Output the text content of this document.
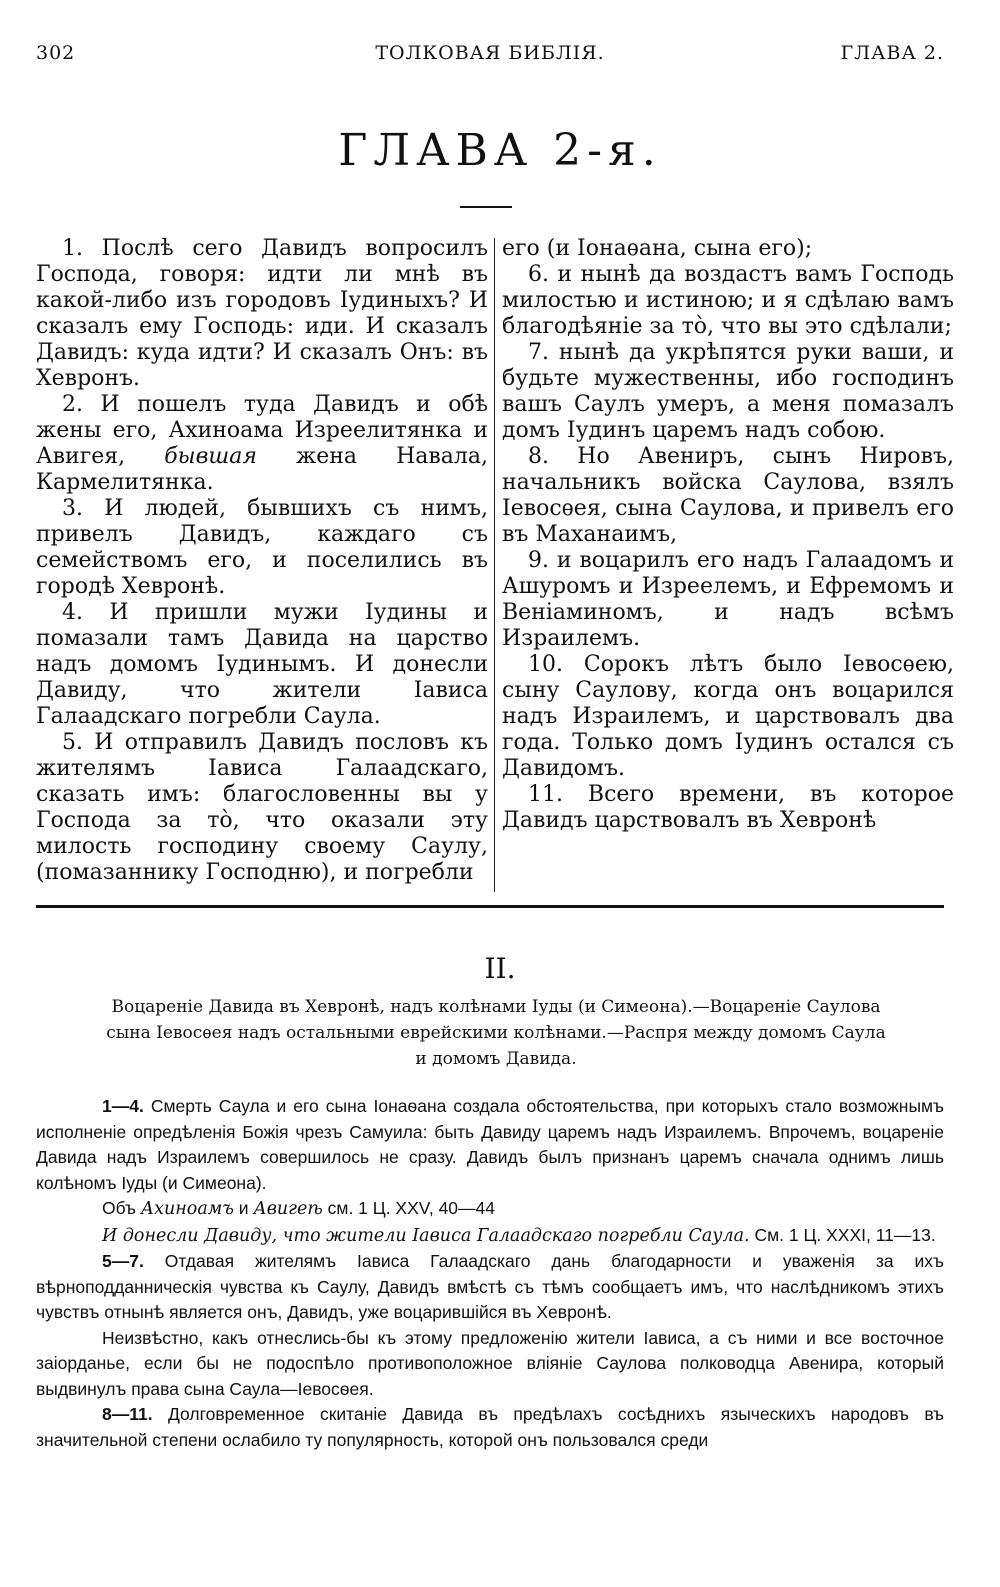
302	ТОЛКОВАЯ БИБЛІЯ.	ГЛАВА 2.
ГЛАВА 2-я.

1. Послѣ сего Давидъ вопросилъ Господа, говоря: идти ли мнѣ въ какой-либо изъ городовъ Іудиныхъ? И сказалъ ему Господь: иди. И сказалъ Давидъ: куда идти? И сказалъ Онъ: въ Хевронъ.

2. И пошелъ туда Давидъ и обѣ жены его, Ахиноама Изреелитянка и Авигея, бывшая жена Навала, Кармелитянка.

3. И людей, бывшихъ съ нимъ, привелъ Давидъ, каждаго съ семействомъ его, и поселились въ городѣ Хевронѣ.

4. И пришли мужи Іудины и помазали тамъ Давида на царство надъ домомъ Іудинымъ. И донесли Давиду, что жители Іависа Галаадскаго погребли Саула.

5. И отправилъ Давидъ пословъ къ жителямъ Іависа Галаадскаго, сказать имъ: благословенны вы у Господа за то̀, что оказали эту милость господину своему Саулу, (помазаннику Господню), и погребли

его (и Іонаѳана, сына его);

6. и нынѣ да воздастъ вамъ Господь милостью и истиною; и я сдѣлаю вамъ благодѣяніе за то̀, что вы это сдѣлали;

7. нынѣ да укрѣпятся руки ваши, и будьте мужественны, ибо господинъ вашъ Саулъ умеръ, а меня помазалъ домъ Іудинъ царемъ надъ собою.

8. Но Авениръ, сынъ Нировъ, начальникъ войска Саулова, взялъ Іевосѳея, сына Саулова, и привелъ его въ Маханаимъ,

9. и воцарилъ его надъ Галаадомъ и Ашуромъ и Изреелемъ, и Ефремомъ и Веніаминомъ, и надъ всѣмъ Израилемъ.

10. Сорокъ лѣтъ было Іевосѳею, сыну Саулову, когда онъ воцарился надъ Израилемъ, и царствовалъ два года. Только домъ Іудинъ остался съ Давидомъ.

11. Всего времени, въ которое Давидъ царствовалъ въ Хевронѣ

II.
Воцареніе Давида въ Хевронѣ, надъ колѣнами Іуды (и Симеона).—Воцареніе Саулова
сына Іевосѳея надъ остальными еврейскими колѣнами.—Распря между домомъ Саула
и домомъ Давида.

1—4. Смерть Саула и его сына Іонаѳана создала обстоятельства, при которыхъ стало возможнымъ исполненіе опредѣленія Божія чрезъ Самуила: быть Давиду царемъ надъ Израилемъ. Впрочемъ, воцареніе Давида надъ Израилемъ совершилось не сразу. Давидъ былъ признанъ царемъ сначала однимъ лишь колѣномъ Іуды (и Симеона).

Объ Ахиноамъ и Авигеѣ см. 1 Ц. XXV, 40—44

И донесли Давиду, что жители Іависа Галаадскаго погребли Саула. См. 1 Ц. XXXI, 11—13.

5—7. Отдавая жителямъ Іависа Галаадскаго дань благодарности и уваженія за ихъ вѣрноподданническія чувства къ Саулу, Давидъ вмѣстѣ съ тѣмъ сообщаетъ имъ, что наслѣдникомъ этихъ чувствъ отнынѣ является онъ, Давидъ, уже воцарившійся въ Хевронѣ.

Неизвѣстно, какъ отнеслись-бы къ этому предложенію жители Іависа, а съ ними и все восточное заіорданье, если бы не подоспѣло противоположное вліяніе Саулова полководца Авенира, который выдвинулъ права сына Саула—Іевосѳея.

8—11. Долговременное скитаніе Давида въ предѣлахъ сосѣднихъ языческихъ народовъ въ значительной степени ослабило ту популярность, которой онъ пользовался среди
